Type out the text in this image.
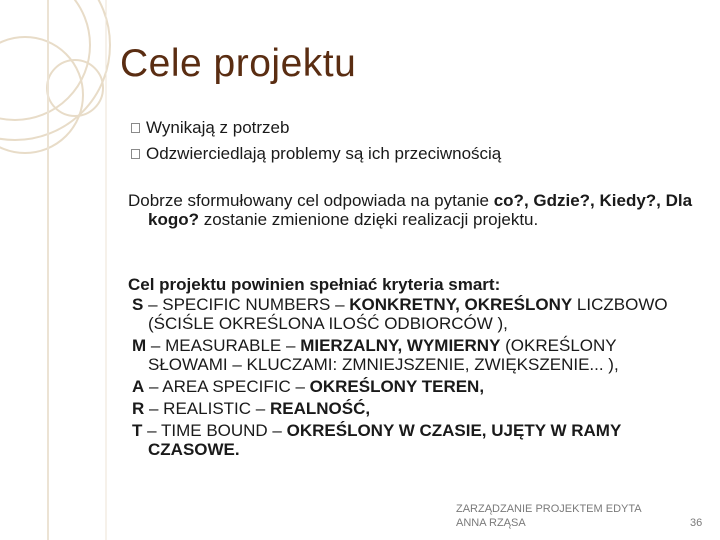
Cele projektu
Wynikają z potrzeb
Odzwierciedlają problemy są ich przeciwnością

Dobrze sformułowany cel odpowiada na pytanie co?, Gdzie?, Kiedy?, Dla kogo? zostanie zmienione dzięki realizacji projektu.

Cel projektu powinien spełniać kryteria smart:

S – SPECIFIC NUMBERS – KONKRETNY, OKREŚLONY LICZBOWO (ŚCIŚLE OKREŚLONA ILOŚĆ ODBIORCÓW ),

M – MEASURABLE – MIERZALNY, WYMIERNY (OKREŚLONY SŁOWAMI – KLUCZAMI: ZMNIEJSZENIE, ZWIĘKSZENIE... ),

A – AREA SPECIFIC – OKREŚLONY TEREN,

R – REALISTIC – REALNOŚĆ,

T – TIME BOUND – OKREŚLONY W CZASIE, UJĘTY W RAMY CZASOWE.

ZARZĄDZANIE PROJEKTEM EDYTA
ANNA RZĄSA	36
